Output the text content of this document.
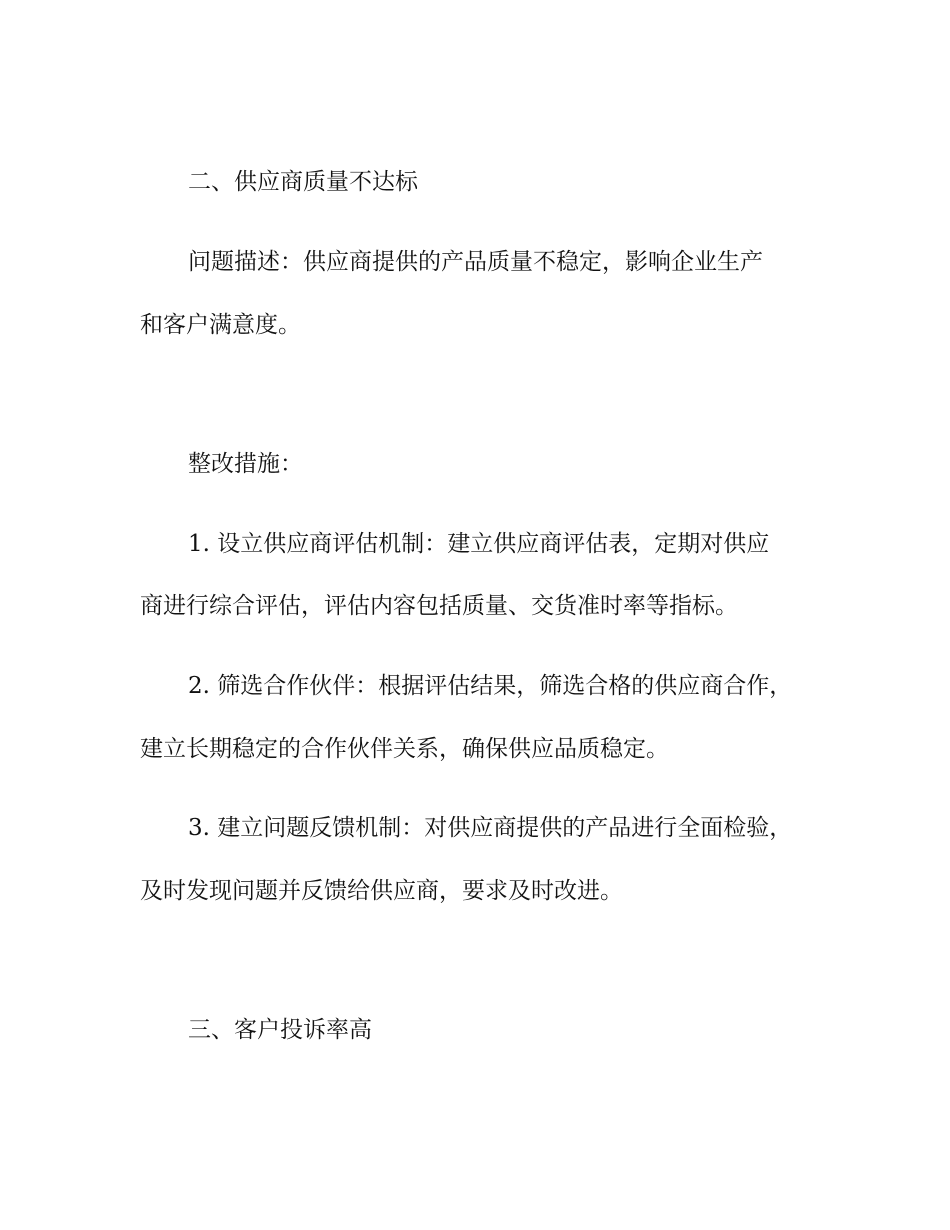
二、供应商质量不达标

问题描述：供应商提供的产品质量不稳定，影响企业生产

和客户满意度。

整改措施：

1. 设立供应商评估机制：建立供应商评估表，定期对供应

商进行综合评估，评估内容包括质量、交货准时率等指标。

2. 筛选合作伙伴：根据评估结果，筛选合格的供应商合作，

建立长期稳定的合作伙伴关系，确保供应品质稳定。

3. 建立问题反馈机制：对供应商提供的产品进行全面检验，

及时发现问题并反馈给供应商，要求及时改进。

三、客户投诉率高
